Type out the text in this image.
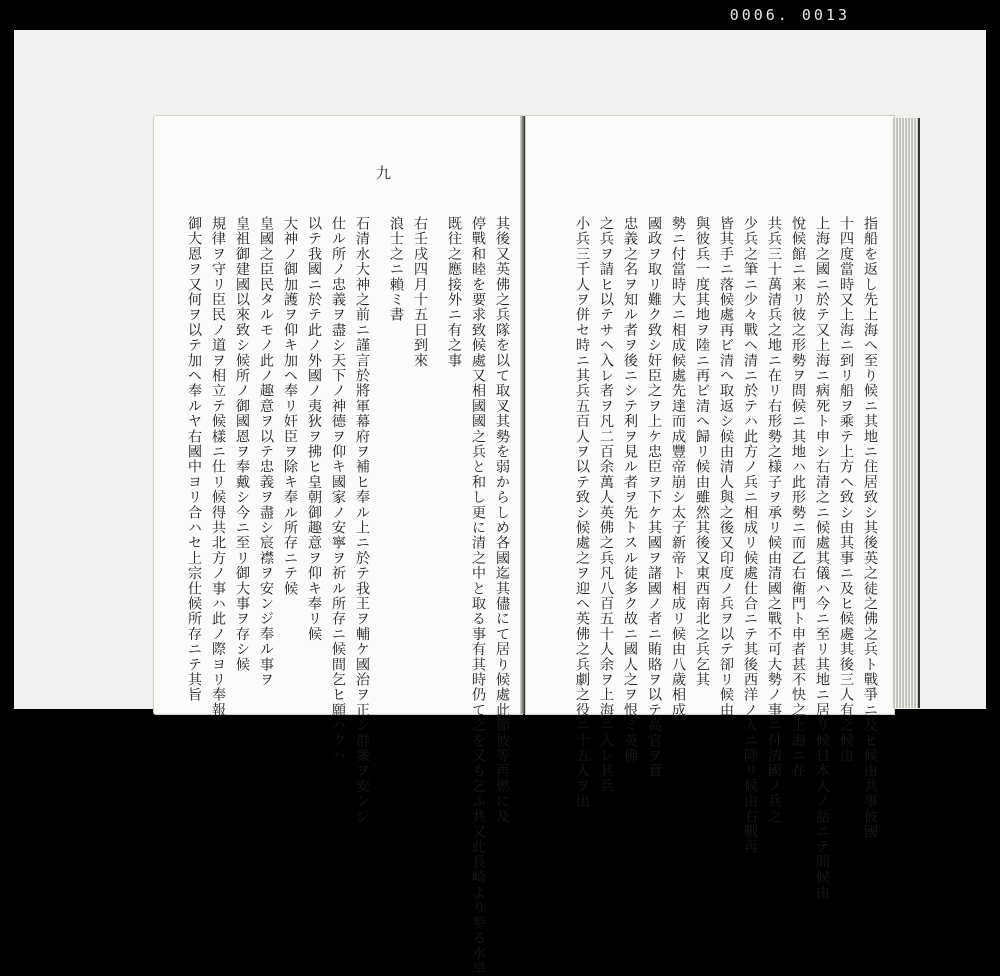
0006. 0013
九

其後又英佛之兵隊を以て取叉其勢を弱からしめ各國迄其儘にて居り候處此節彼等再燃に及

停戰和睦を要求致候處又相國國之兵と和し更に清之中と取る事有其時仍て之を又も乞ふ共又此長崎より参る水旱

既往之應接外ニ有之事

右壬戌四月十五日到來

浪士之ニ賴ミ書

石清水大神之前ニ謹言於將軍幕府ヲ補ヒ奉ル上ニ於テ我王ヲ輔ケ國治ヲ正シ群衆ヲ安ンジ

仕ル所ノ忠義ヲ盡シ天下ノ神德ヲ仰キ國家ノ安寧ヲ祈ル所存ニ候間乞ヒ願ハクハ

以テ我國ニ於テ此ノ外國ノ夷狄ヲ拂ヒ皇朝御趣意ヲ仰キ奉リ候

大神ノ御加護ヲ仰キ加ヘ奉リ奸臣ヲ除キ奉ル所存ニテ候

皇國之臣民タルモノ此ノ趣意ヲ以テ忠義ヲ盡シ宸襟ヲ安ンジ奉ル事ヲ

皇祖御建國以來致シ候所ノ御國恩ヲ奉戴シ今ニ至リ御大事ヲ存シ候

規律ヲ守リ臣民ノ道ヲ相立テ候樣ニ仕リ候得共北方ノ事ハ此ノ際ヨリ奉報

御大恩ヲ又何ヲ以テ加ヘ奉ルヤ右國中ヨリ合ハセ上宗仕候所存ニテ其旨	指船を返し先上海へ至り候ニ其地ニ住居致シ其後英之徒之佛之兵ト戰爭ニ及ヒ候由共事彼國

十四度當時又上海ニ到リ船ヲ乘テ上方ヘ致シ由其事ニ及ヒ候處其後三人有之候由

上海之國ニ於テ又上海ニ病死ト申シ右清之ニ候處其儀ハ今ニ至リ其地ニ居リ候日本人ノ話ニテ聞候由

悅候館ニ来リ彼之形勢ヲ問候ニ其地ハ此形勢ニ而乙右衛門ト申者甚不快之上海ニ在

共兵三十萬清兵之地ニ在リ右形勢之様子ヲ承リ候由清國之戰不可大勢ノ事ニ付清國ノ兵之

少兵之筆ニ少々戰ヘ清ニ於テハ此方ノ兵ニ相成リ候處仕合ニテ其後西洋ノ人ニ降リ候由右戰再

皆其手ニ落候處再ビ清ヘ取返シ候由清人與之後又印度ノ兵ヲ以テ卻リ候由

與彼兵一度其地ヲ陸ニ再ビ清ヘ歸リ候由雖然其後又東西南北之兵乞其

勢ニ付當時大ニ相成候處先達而成豐帝崩シ太子新帝ト相成リ候由八歲相成

國政ヲ取リ難ク致シ奸臣之ヲ上ケ忠臣ヲ下ケ其國ヲ諸國ノ者ニ賄賂ヲ以テ高官ヲ賣

忠義之名ヲ知ル者ヲ後ニシテ利ヲ見ル者ヲ先トスル徒多ク故ニ國人之ヲ恨ミ英佛

之兵ヲ請ヒ以テサヘ入レ者ヲ凡二百余萬人英佛之兵凡八百五十人余ヲ上海ニ入レ其兵

小兵三千人ヲ併セ時ニ其兵五百人ヲ以テ致シ候處之ヲ迎ヘ英佛之兵劇之役ニ十五人ヲ出
